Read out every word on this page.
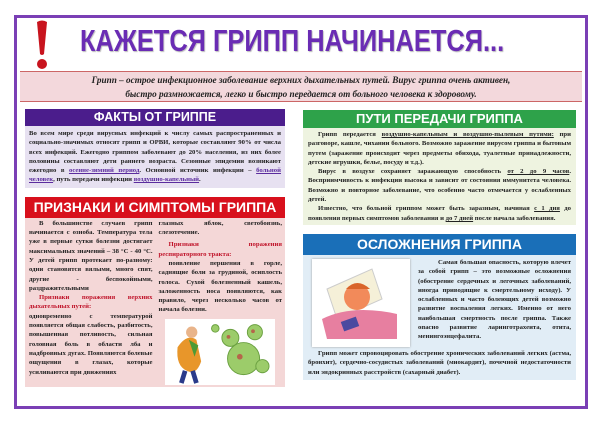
КАЖЕТСЯ ГРИПП НАЧИНАЕТСЯ...
Грипп – острое инфекционное заболевание верхних дыхательных путей. Вирус гриппа очень активен,
быстро размножается, легко и быстро передается от больного человека к здоровому.
ФАКТЫ ОТ ГРИППЕ
Во всем мире среди вирусных инфекций к числу самых распространенных и социально-значимых относят грипп и ОРВИ, которые составляют 90% от числа всех инфекций. Ежегодно гриппом заболевают до 20% населения, из них более половины составляют дети раннего возраста. Сезонные эпидемии возникают ежегодно в осенне-зимний период. Основной источник инфекции – больной человек, путь передачи инфекции воздушно-капельный.
ПРИЗНАКИ И СИМПТОМЫ ГРИППА

В большинстве случаев грипп начинается с озноба. Температура тела уже в первые сутки болезни достигает максимальных значений – 38 °С - 40 °С. У детей грипп протекает по-разному: одни становятся вялыми, много спят, другие - беспокойными, раздражительными

Признаки поражения верхних дыхательных путей:

одновременно с температурой появляется общая слабость, разбитость, повышенная потливость, сильная головная боль в области лба и надбровных дугах. Появляются болевые ощущения в глазах, которые усиливаются при движениях

глазных яблок, светобоязнь, слезотечение.

Признаки поражения респираторного тракта:

появление першения в горле, саднящие боли за грудиной, осиплость голоса. Сухой болезненный кашель, заложенность носа появляются, как правило, через несколько часов от начала болезни.

ПУТИ ПЕРЕДАЧИ ГРИППА

Грипп передается воздушно-капельным и воздушно-пылевым путями: при разговоре, кашле, чихании больного. Возможно заражение вирусом гриппа и бытовым путем (заражение происходит через предметы обихода, туалетные принадлежности, детские игрушки, белье, посуду и т.д.).

Вирус в воздухе сохраняет заражающую способность от 2 до 9 часов. Восприимчивость к инфекции высока и зависит от состояния иммунитета человека. Возможно и повторное заболевание, что особенно часто отмечается у ослабленных детей.

Известно, что больной гриппом может быть заразным, начиная с 1 дня до появления первых симптомов заболевания и до 7 дней после начала заболевания.

ОСЛОЖНЕНИЯ ГРИППА

Самая большая опасность, которую влечет за собой грипп – это возможные осложнения (обострение сердечных и легочных заболеваний, иногда приводящие к смертельному исходу). У ослабленных и часто болеющих детей возможно развитие воспаления легких. Именно от него наибольшая смертность после гриппа. Также опасно развитие ларинготрахеита, отита, менингоэнцефалита.

Грипп может спровоцировать обострение хронических заболеваний легких (астма, бронхит), сердечно-сосудистых заболеваний (миокардит), почечной недостаточности или эндокринных расстройств (сахарный диабет).
